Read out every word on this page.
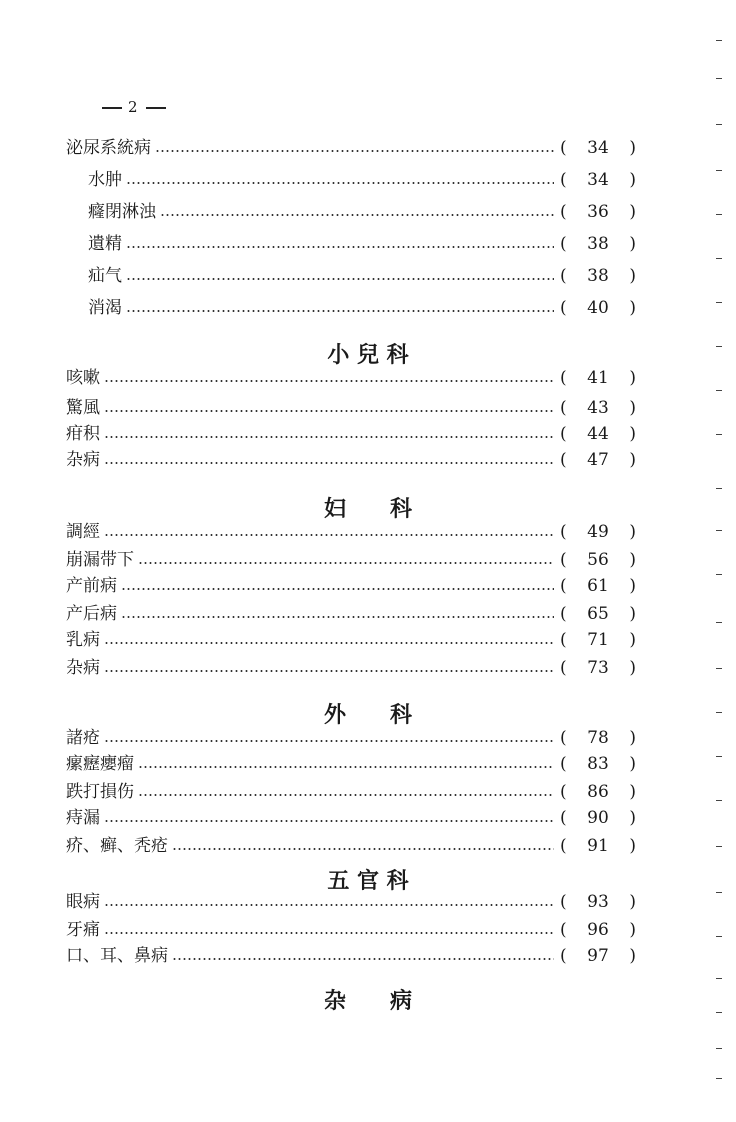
2
泌尿系統病	(	34	)
水肿	(	34	)
癃閉淋浊	(	36	)
遺精	(	38	)
疝气	(	38	)
消渴	(	40	)
小 兒 科
咳嗽	(	41	)
驚風	(	43	)
疳积	(	44	)
杂病	(	47	)
妇　　科
調經	(	49	)
崩漏带下	(	56	)
产前病	(	61	)
产后病	(	65	)
乳病	(	71	)
杂病	(	73	)
外　　科
諸疮	(	78	)
瘰癧癭瘤	(	83	)
跌打損伤	(	86	)
痔漏	(	90	)
疥、癣、秃疮	(	91	)
五 官 科
眼病	(	93	)
牙痛	(	96	)
口、耳、鼻病	(	97	)
杂　　病
